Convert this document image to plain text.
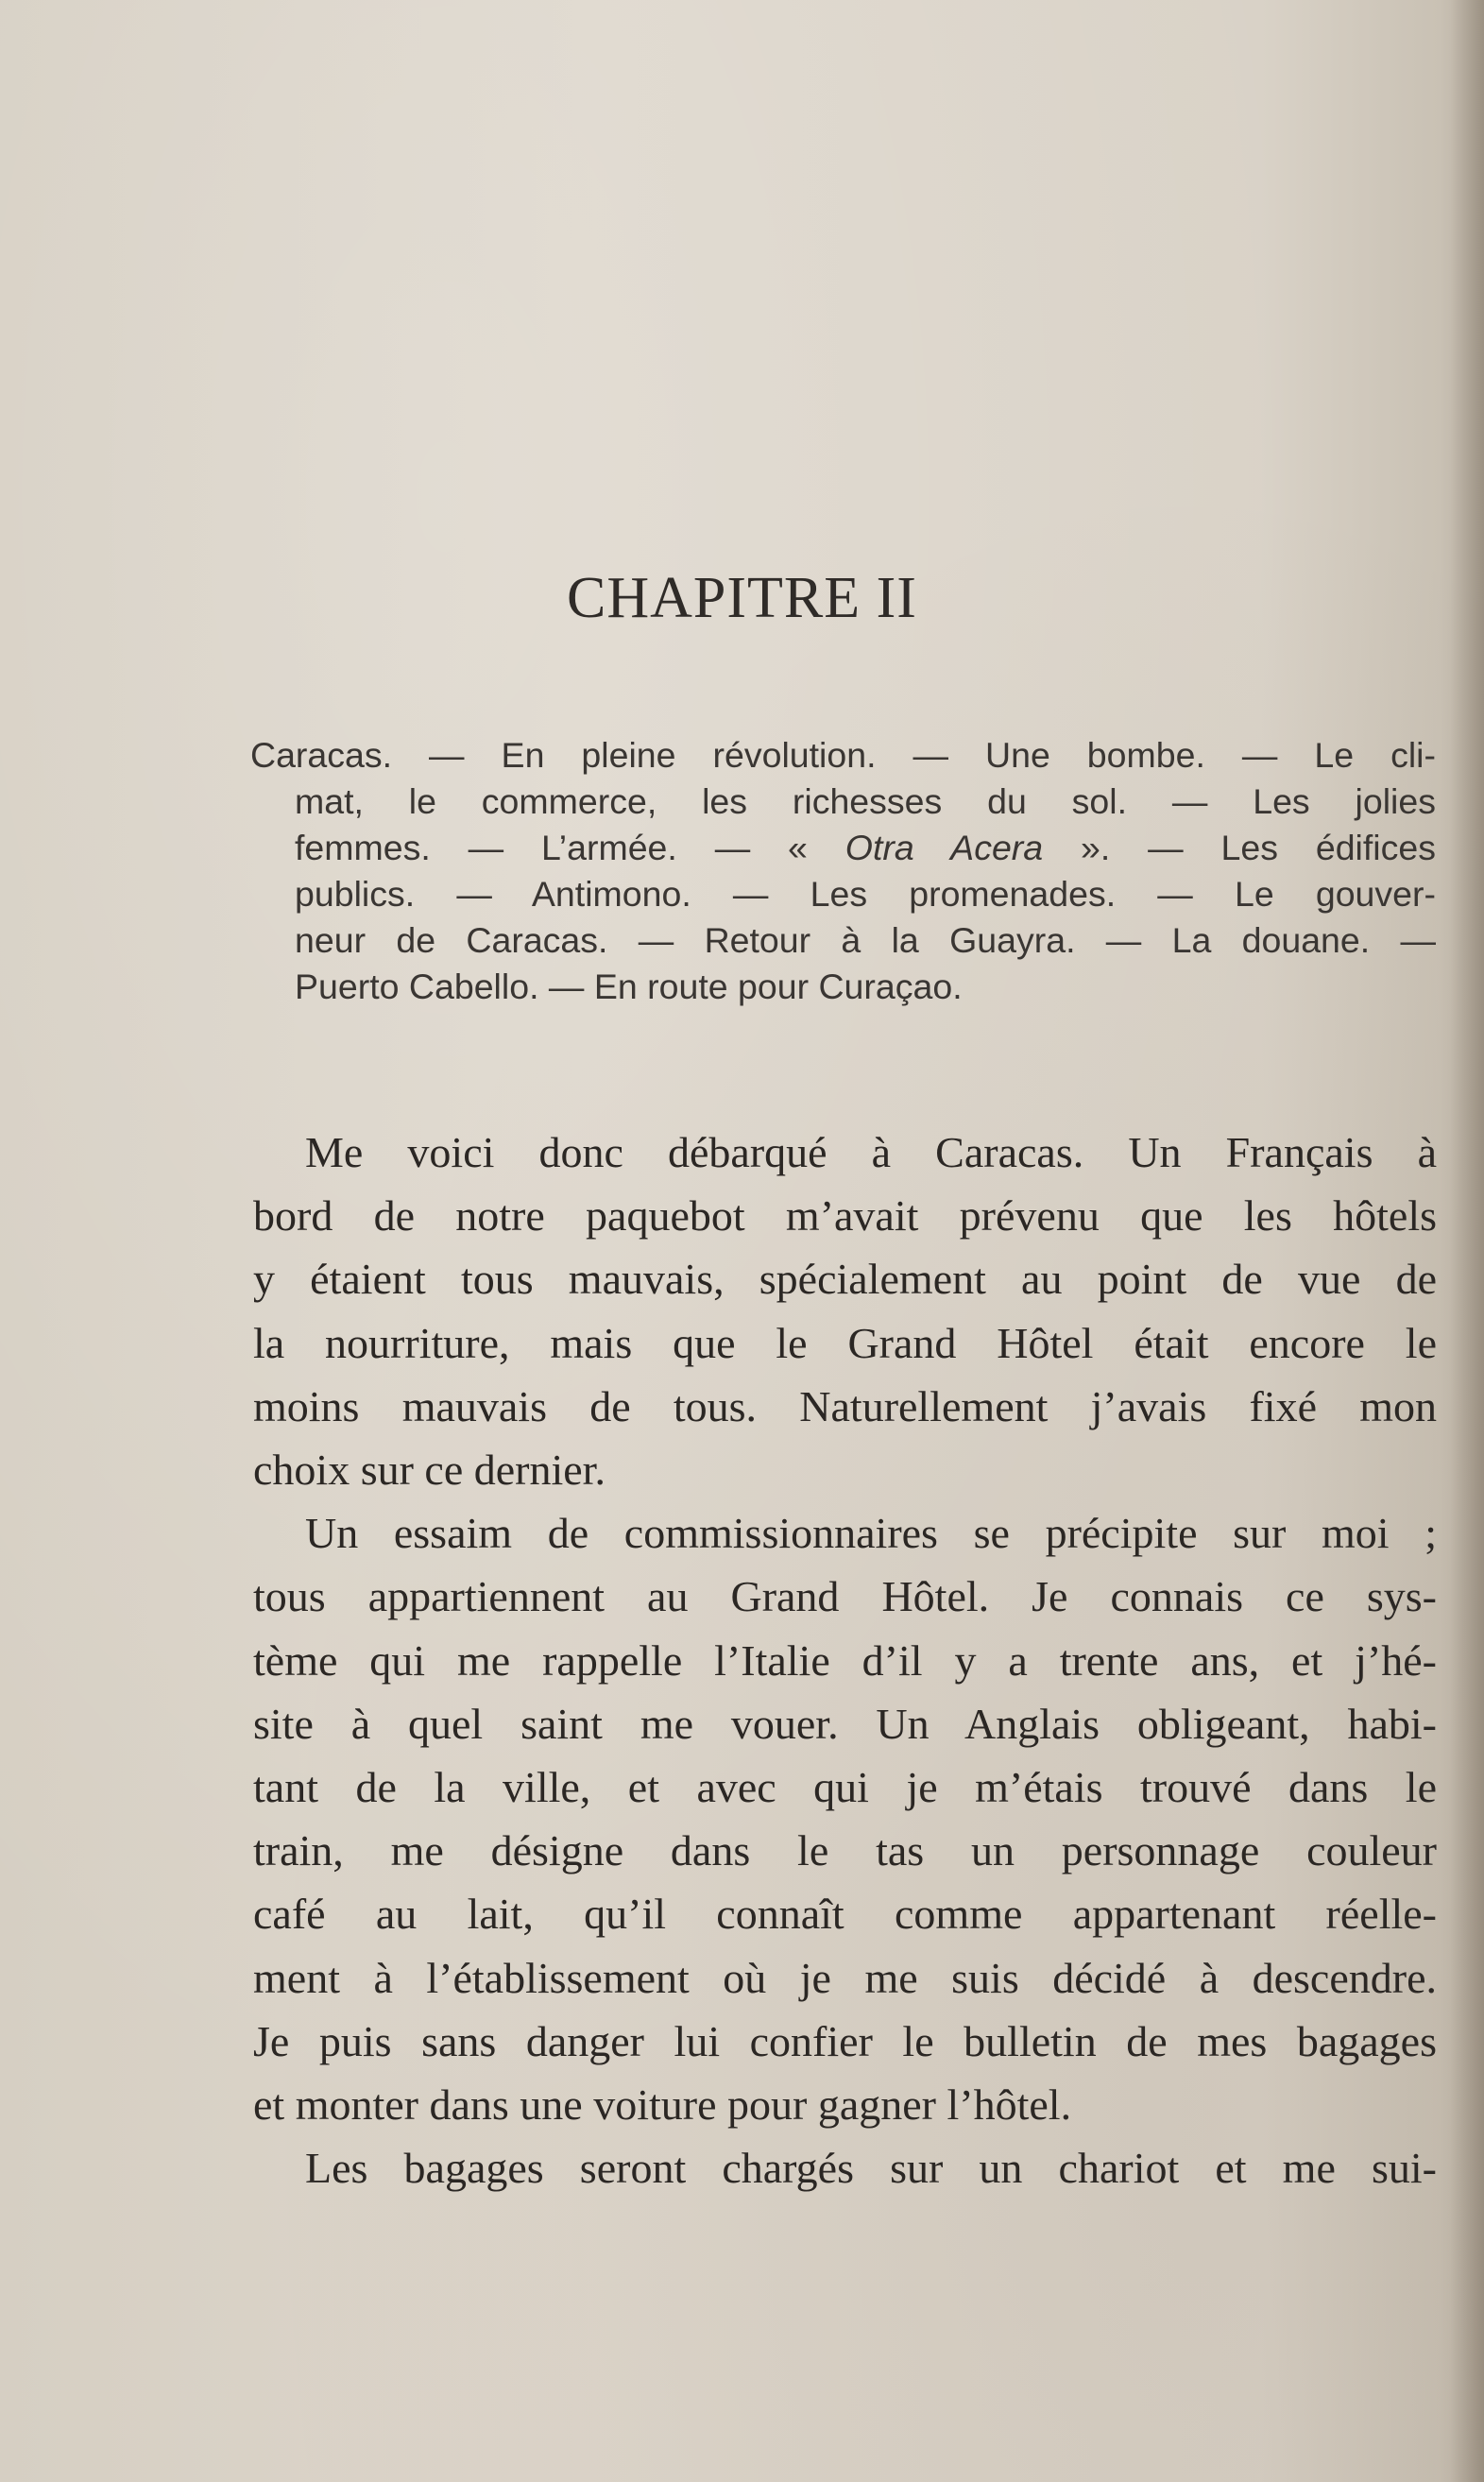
CHAPITRE II
Caracas. — En pleine révolution. — Une bombe. — Le cli-
mat, le commerce, les richesses du sol. — Les jolies
femmes. — L’armée. — « Otra Acera ». — Les édifices
publics. — Antimono. — Les promenades. — Le gouver-
neur de Caracas. — Retour à la Guayra. — La douane. —
Puerto Cabello. — En route pour Curaçao.
Me voici donc débarqué à Caracas. Un Français à
bord de notre paquebot m’avait prévenu que les hôtels
y étaient tous mauvais, spécialement au point de vue de
la nourriture, mais que le Grand Hôtel était encore le
moins mauvais de tous. Naturellement j’avais fixé mon
choix sur ce dernier.
Un essaim de commissionnaires se précipite sur moi ;
tous appartiennent au Grand Hôtel. Je connais ce sys-
tème qui me rappelle l’Italie d’il y a trente ans, et j’hé-
site à quel saint me vouer. Un Anglais obligeant, habi-
tant de la ville, et avec qui je m’étais trouvé dans le
train, me désigne dans le tas un personnage couleur
café au lait, qu’il connaît comme appartenant réelle-
ment à l’établissement où je me suis décidé à descendre.
Je puis sans danger lui confier le bulletin de mes bagages
et monter dans une voiture pour gagner l’hôtel.
Les bagages seront chargés sur un chariot et me sui-
